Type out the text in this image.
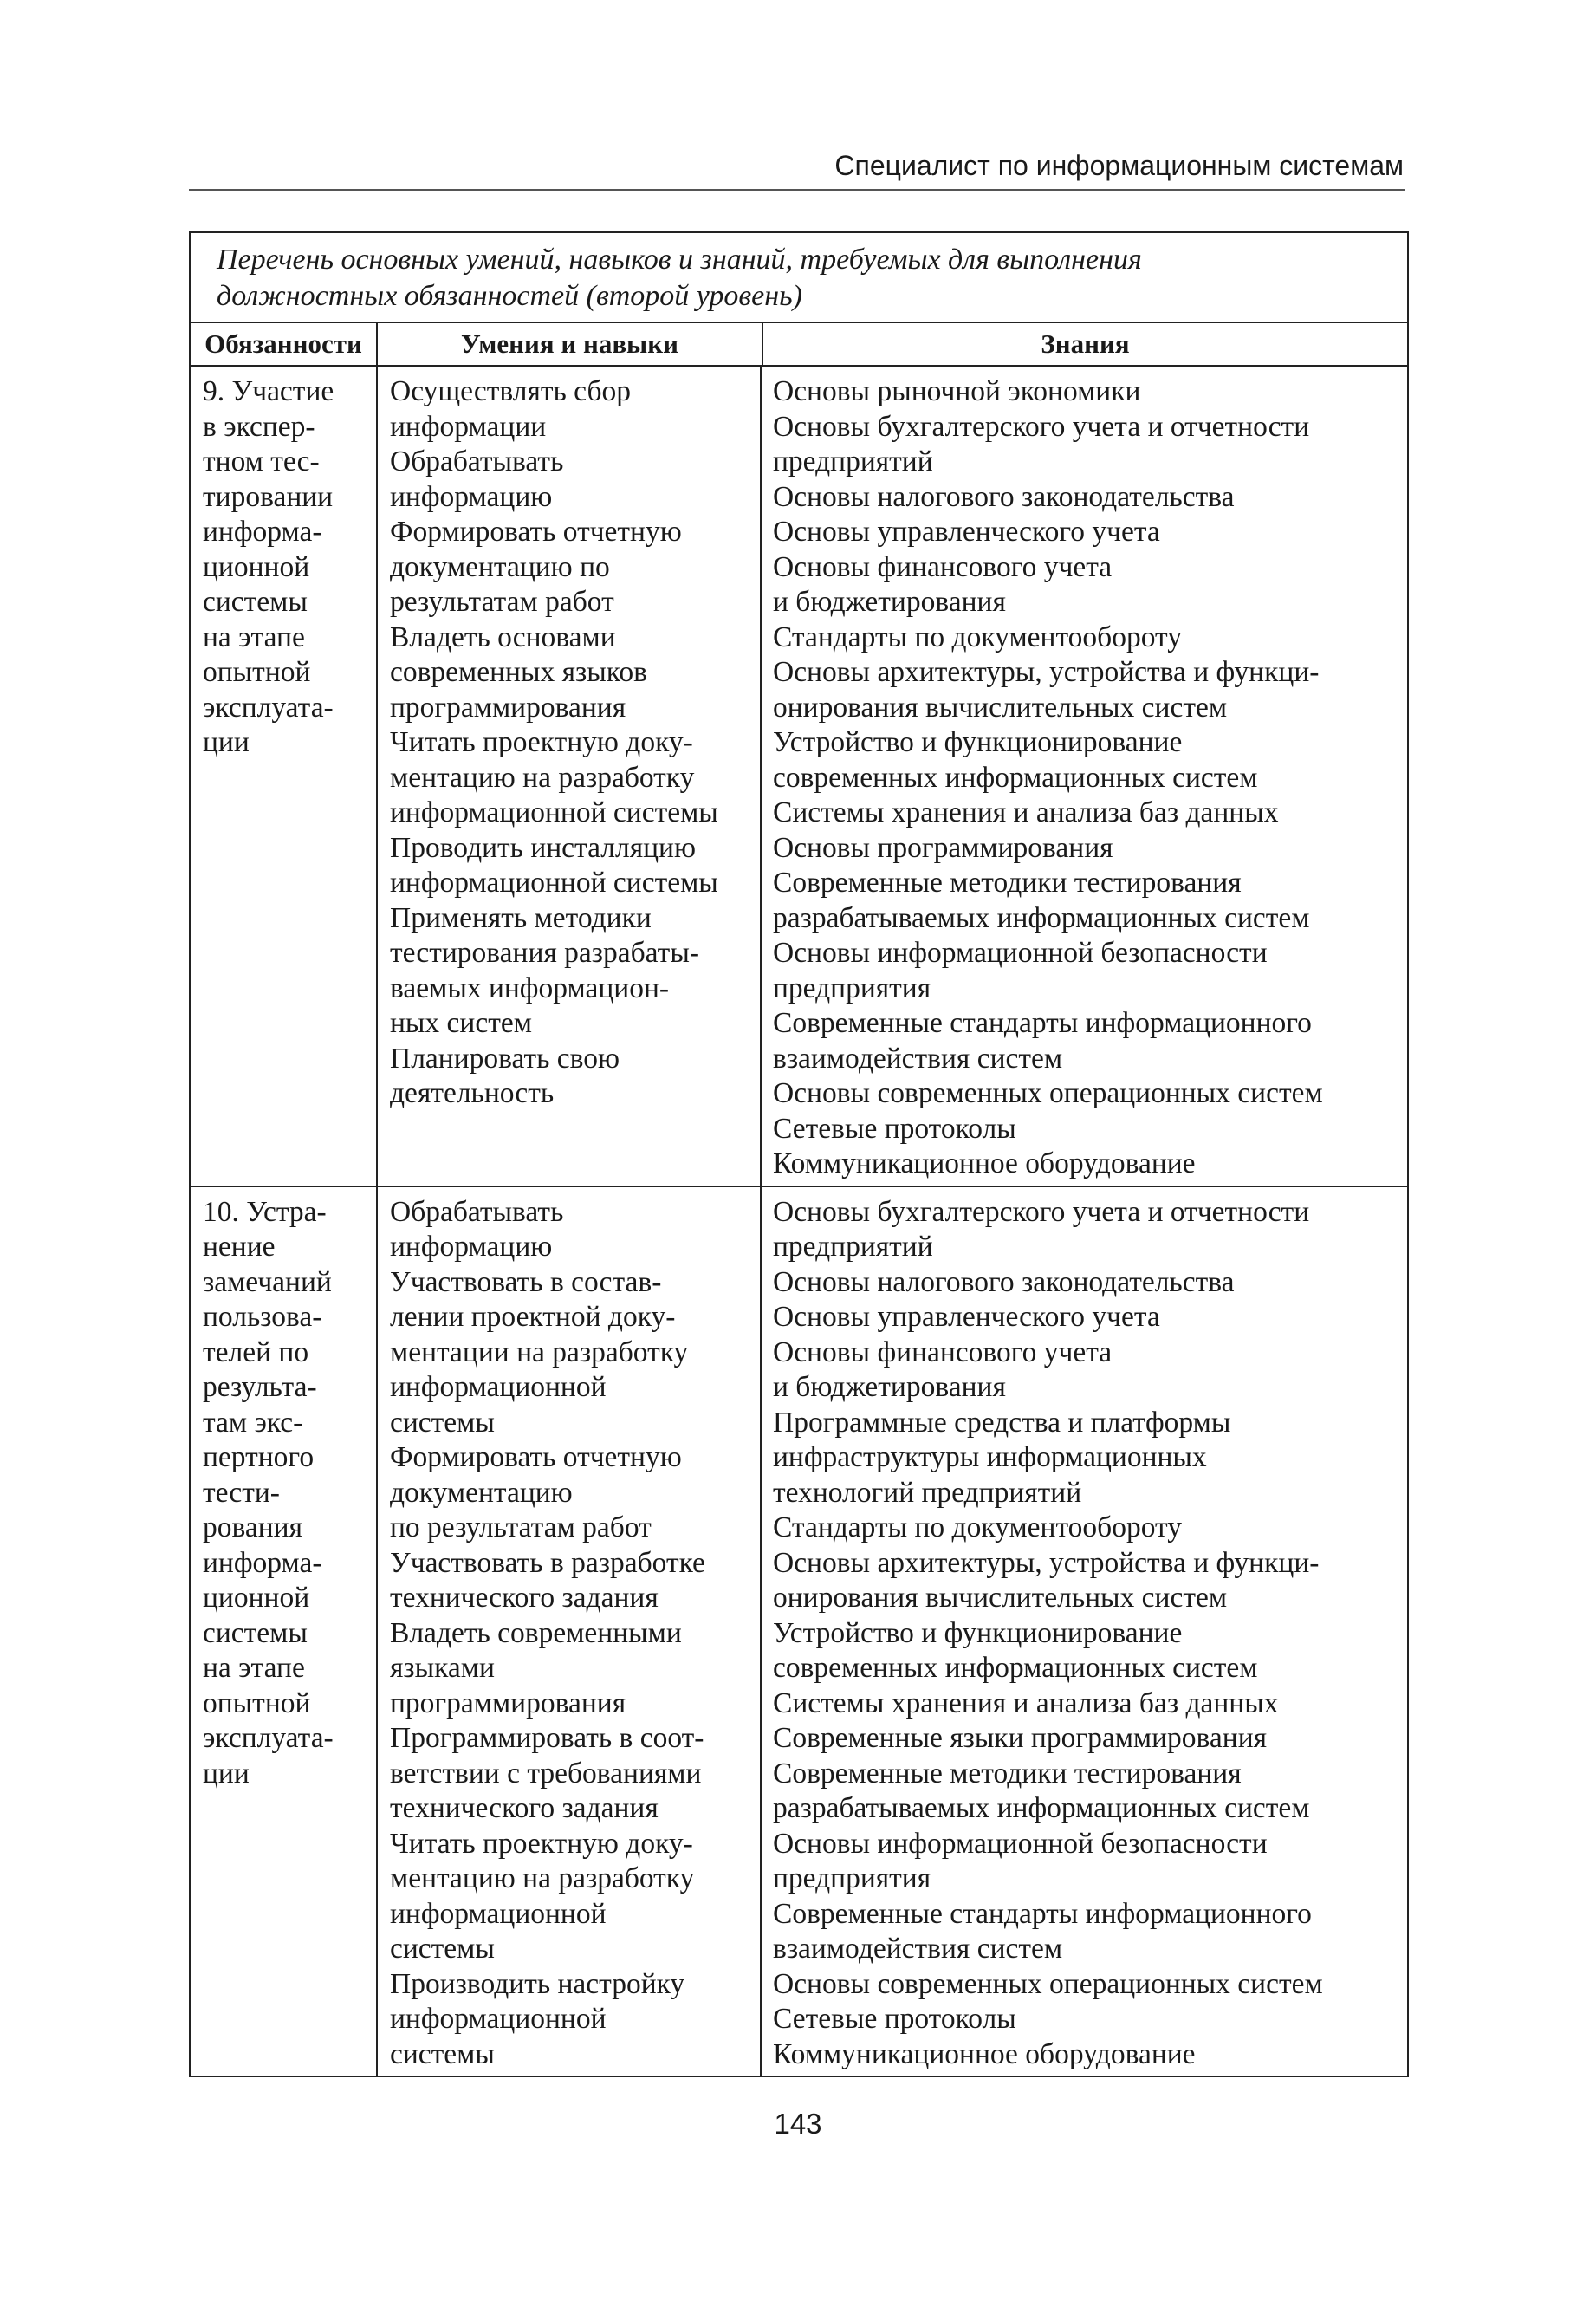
Специалист по информационным системам
Перечень основных умений, навыков и знаний, требуемых для выполнения
должностных обязанностей (второй уровень)
Обязанности	Умения и навыки	Знания
9. Участие
в экспер-
тном тес-
тировании
информа-
ционной
системы
на этапе
опытной
эксплуата-
ции
Осуществлять сбор
информации
Обрабатывать
информацию
Формировать отчетную
документацию по
результатам работ
Владеть основами
современных языков
программирования
Читать проектную доку-
ментацию на разработку
информационной системы
Проводить инсталляцию
информационной системы
Применять методики
тестирования разрабаты-
ваемых информацион-
ных систем
Планировать свою
деятельность
Основы рыночной экономики
Основы бухгалтерского учета и отчетности
предприятий
Основы налогового законодательства
Основы управленческого учета
Основы финансового учета
и бюджетирования
Стандарты по документообороту
Основы архитектуры, устройства и функци-
онирования вычислительных систем
Устройство и функционирование
современных информационных систем
Системы хранения и анализа баз данных
Основы программирования
Современные методики тестирования
разрабатываемых информационных систем
Основы информационной безопасности
предприятия
Современные стандарты информационного
взаимодействия систем
Основы современных операционных систем
Сетевые протоколы
Коммуникационное оборудование
10. Устра-
нение
замечаний
пользова-
телей по
результа-
там экс-
пертного
тести-
рования
информа-
ционной
системы
на этапе
опытной
эксплуата-
ции
Обрабатывать
информацию
Участвовать в состав-
лении проектной доку-
ментации на разработку
информационной
системы
Формировать отчетную
документацию
по результатам работ
Участвовать в разработке
технического задания
Владеть современными
языками
программирования
Программировать в соот-
ветствии с требованиями
технического задания
Читать проектную доку-
ментацию на разработку
информационной
системы
Производить настройку
информационной
системы
Основы бухгалтерского учета и отчетности
предприятий
Основы налогового законодательства
Основы управленческого учета
Основы финансового учета
и бюджетирования
Программные средства и платформы
инфраструктуры информационных
технологий предприятий
Стандарты по документообороту
Основы архитектуры, устройства и функци-
онирования вычислительных систем
Устройство и функционирование
современных информационных систем
Системы хранения и анализа баз данных
Современные языки программирования
Современные методики тестирования
разрабатываемых информационных систем
Основы информационной безопасности
предприятия
Современные стандарты информационного
взаимодействия систем
Основы современных операционных систем
Сетевые протоколы
Коммуникационное оборудование
143
